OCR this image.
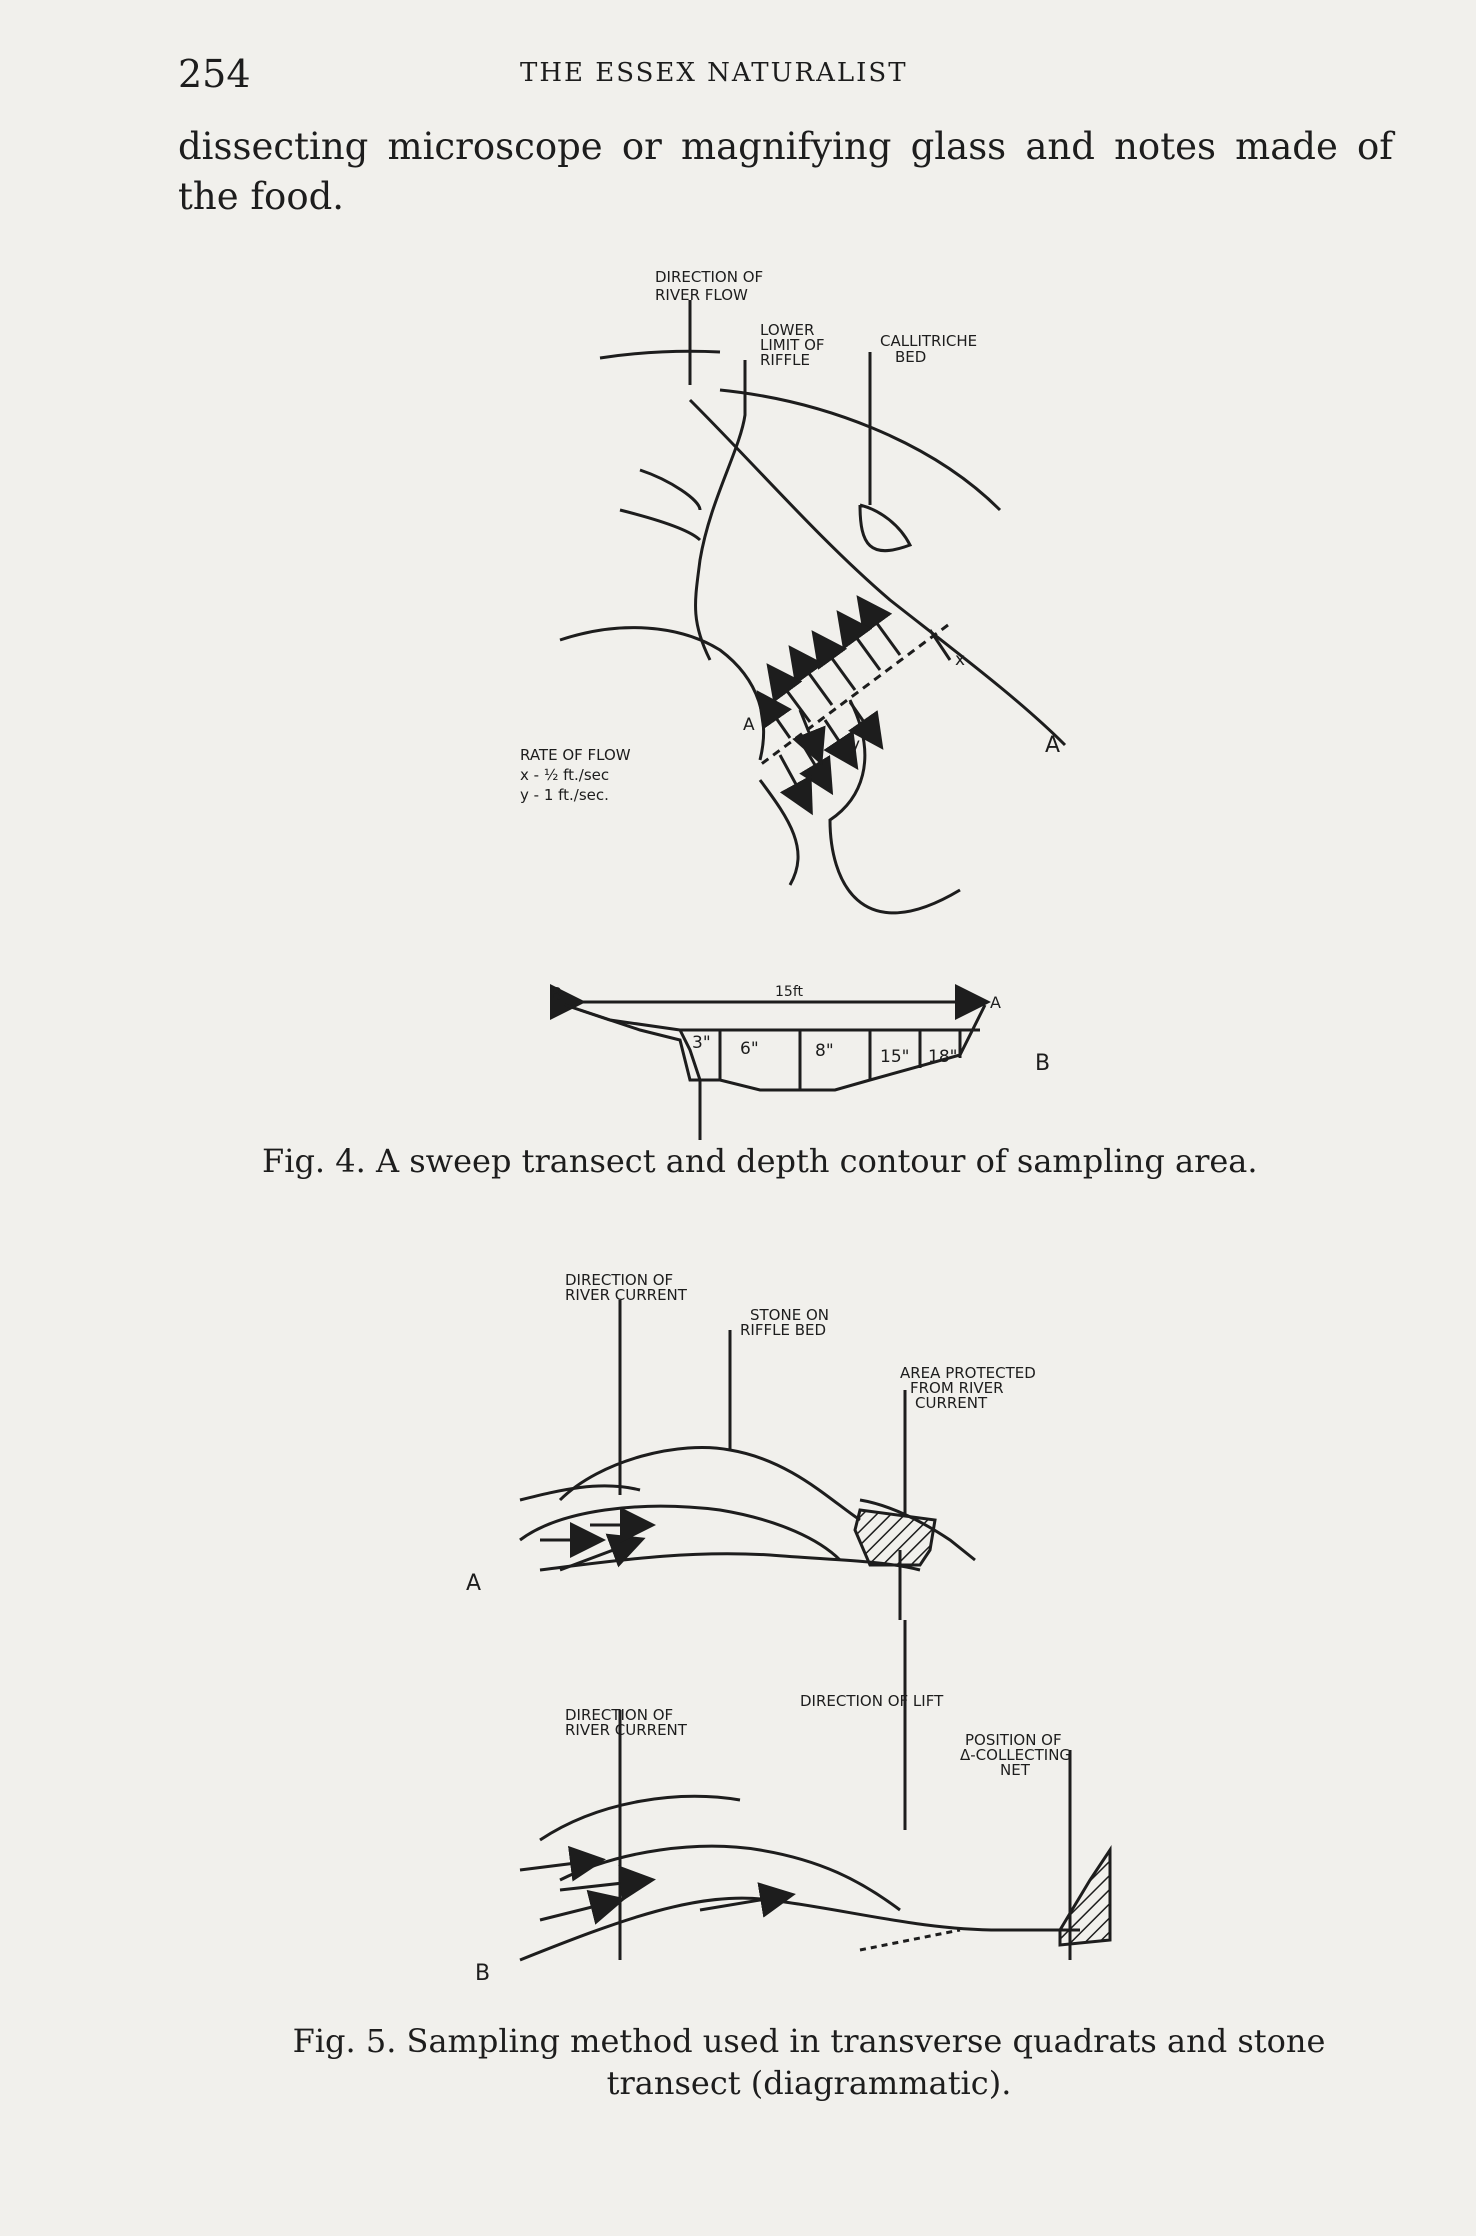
254	THE ESSEX NATURALIST
dissecting microscope or magnifying glass and notes made of the food.
DIRECTION OF
RIVER FLOW
LOWER
LIMIT OF
RIFFLE
CALLITRICHE
BED
RATE OF FLOW
x - ½ ft./sec
y - 1 ft./sec.
A
x
y	A
15ft
B	A
B
3" 6"	8"	15" 18"
DIRECTION OF
RIVER CURRENT
STONE ON
RIFFLE BED
AREA PROTECTED
FROM RIVER
CURRENT
A
DIRECTION OF LIFT
DIRECTION OF
RIVER CURRENT
POSITION OF
Δ-COLLECTING
NET
B
Fig. 4. A sweep transect and depth contour of sampling area.
Fig. 5. Sampling method used in transverse quadrats and stone transect (diagrammatic).
